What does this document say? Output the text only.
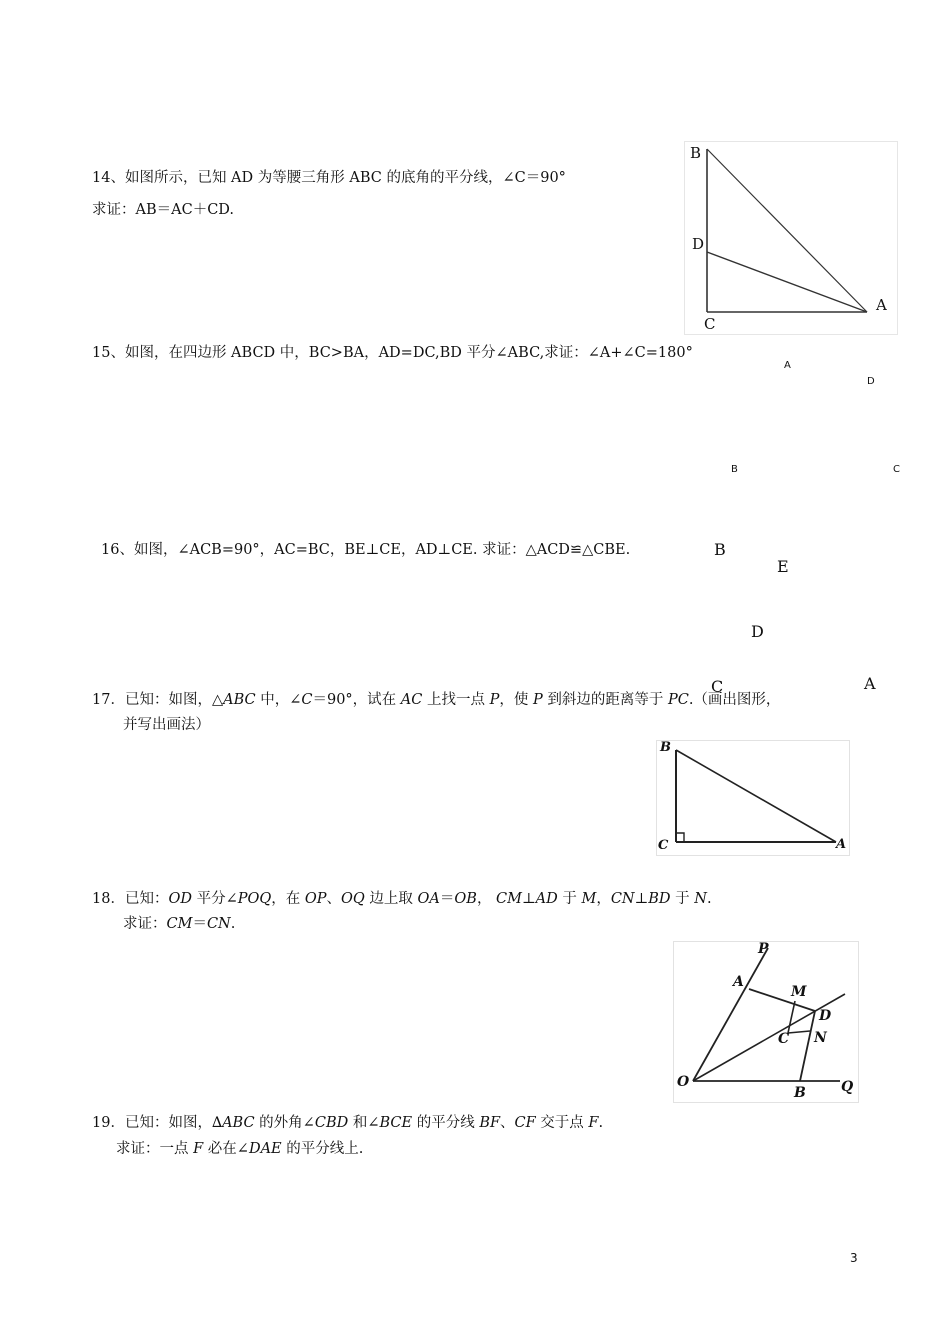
14、如图所示，已知 AD 为等腰三角形 ABC 的底角的平分线，∠C＝90°
求证：AB＝AC＋CD.
B
D
C
A
15、如图，在四边形 ABCD 中，BC>BA，AD=DC,BD 平分∠ABC,求证：∠A+∠C=180°
A
D
B	C
16、如图，∠ACB=90°，AC=BC，BE⊥CE，AD⊥CE. 求证：△ACD≌△CBE.	B
E
D
C	A
17．已知：如图，△ABC 中，∠C＝90°，试在 AC 上找一点 P，使 P 到斜边的距离等于 PC.（画出图形，
并写出画法）
B
C	A
18．已知：OD 平分∠POQ，在 OP、OQ 边上取 OA＝OB， CM⊥AD 于 M，CN⊥BD 于 N.
求证：CM＝CN.
P
A
M
D
C N
O
B	Q
19．已知：如图，∆ABC 的外角∠CBD 和∠BCE 的平分线 BF、CF 交于点 F.
求证：一点 F 必在∠DAE 的平分线上.
3
